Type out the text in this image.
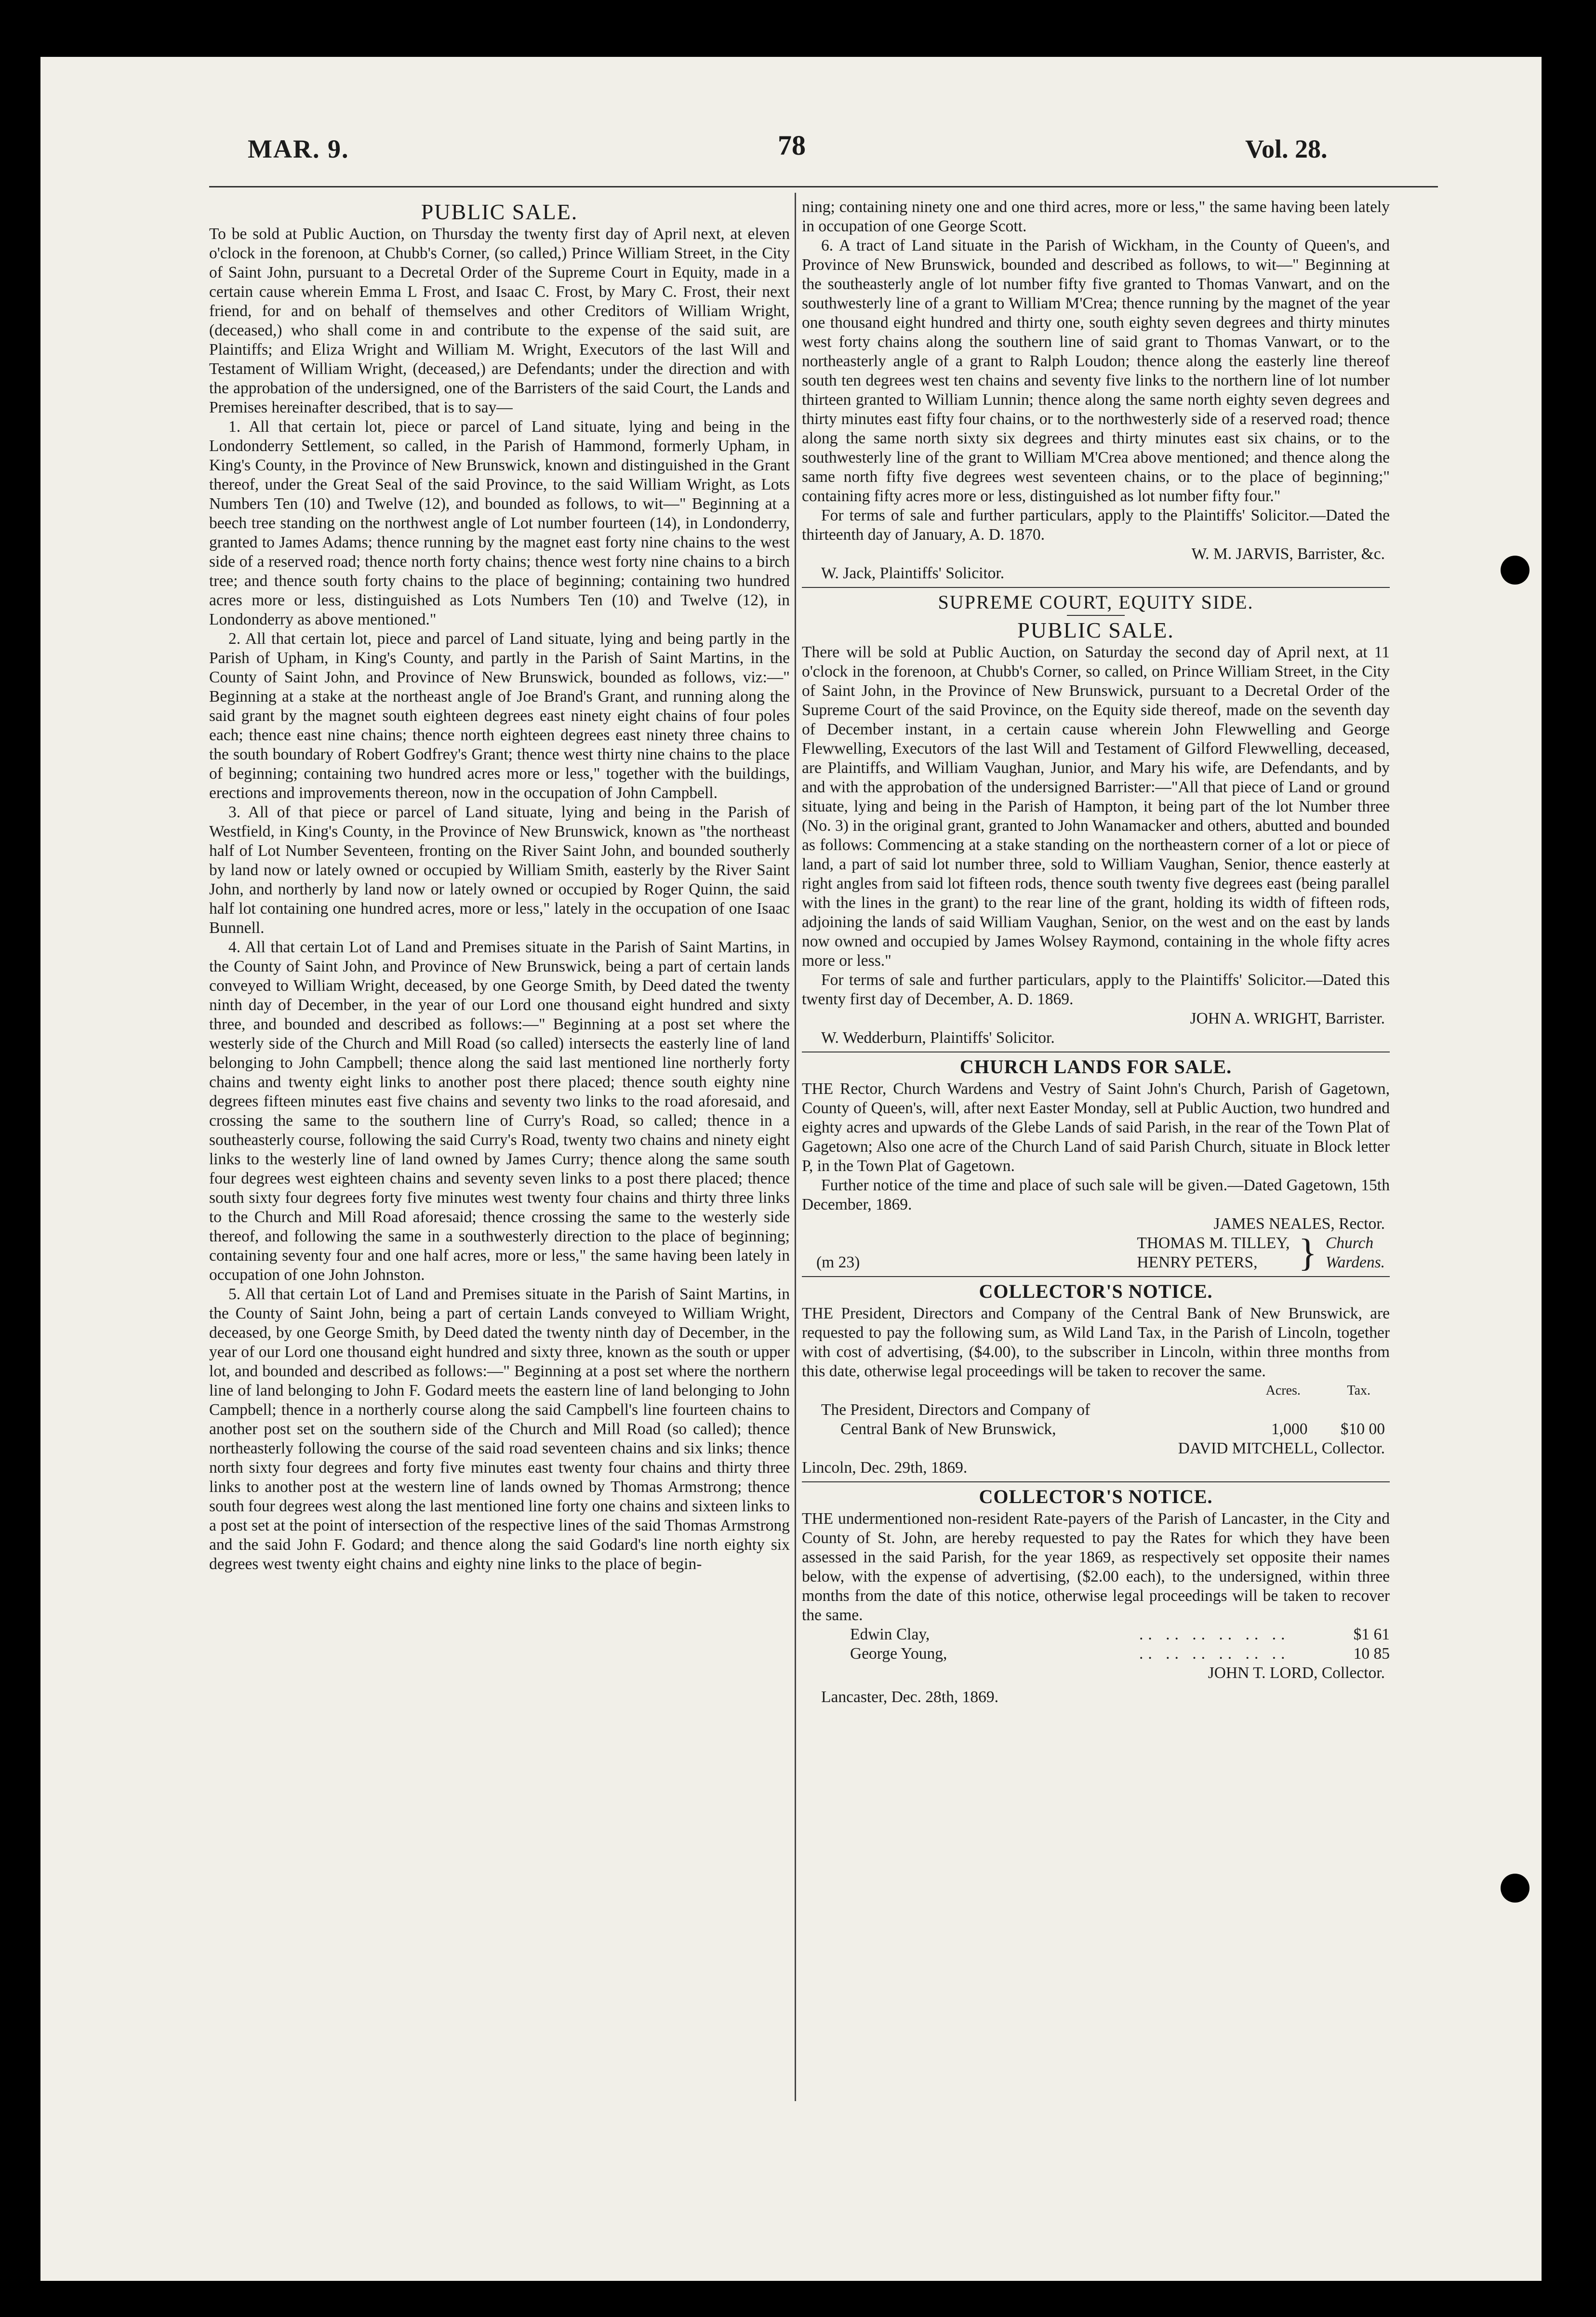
MAR. 9.	78	Vol. 28.
PUBLIC SALE.

To be sold at Public Auction, on Thursday the twenty first day of April next, at eleven o'clock in the forenoon, at Chubb's Corner, (so called,) Prince William Street, in the City of Saint John, pursuant to a Decretal Order of the Supreme Court in Equity, made in a certain cause wherein Emma L Frost, and Isaac C. Frost, by Mary C. Frost, their next friend, for and on behalf of themselves and other Creditors of William Wright, (deceased,) who shall come in and contribute to the expense of the said suit, are Plaintiffs; and Eliza Wright and William M. Wright, Executors of the last Will and Testament of William Wright, (deceased,) are Defendants; under the direction and with the approbation of the undersigned, one of the Barristers of the said Court, the Lands and Premises hereinafter described, that is to say—

1. All that certain lot, piece or parcel of Land situate, lying and being in the Londonderry Settlement, so called, in the Parish of Hammond, formerly Upham, in King's County, in the Province of New Brunswick, known and distinguished in the Grant thereof, under the Great Seal of the said Province, to the said William Wright, as Lots Numbers Ten (10) and Twelve (12), and bounded as follows, to wit—" Beginning at a beech tree standing on the northwest angle of Lot number fourteen (14), in Londonderry, granted to James Adams; thence running by the magnet east forty nine chains to the west side of a reserved road; thence north forty chains; thence west forty nine chains to a birch tree; and thence south forty chains to the place of beginning; containing two hundred acres more or less, distinguished as Lots Numbers Ten (10) and Twelve (12), in Londonderry as above mentioned."

2. All that certain lot, piece and parcel of Land situate, lying and being partly in the Parish of Upham, in King's County, and partly in the Parish of Saint Martins, in the County of Saint John, and Province of New Brunswick, bounded as follows, viz:—" Beginning at a stake at the northeast angle of Joe Brand's Grant, and running along the said grant by the magnet south eighteen degrees east ninety eight chains of four poles each; thence east nine chains; thence north eighteen degrees east ninety three chains to the south boundary of Robert Godfrey's Grant; thence west thirty nine chains to the place of beginning; containing two hundred acres more or less," together with the buildings, erections and improvements thereon, now in the occupation of John Campbell.

3. All of that piece or parcel of Land situate, lying and being in the Parish of Westfield, in King's County, in the Province of New Brunswick, known as "the northeast half of Lot Number Seventeen, fronting on the River Saint John, and bounded southerly by land now or lately owned or occupied by William Smith, easterly by the River Saint John, and northerly by land now or lately owned or occupied by Roger Quinn, the said half lot containing one hundred acres, more or less," lately in the occupation of one Isaac Bunnell.

4. All that certain Lot of Land and Premises situate in the Parish of Saint Martins, in the County of Saint John, and Province of New Brunswick, being a part of certain lands conveyed to William Wright, deceased, by one George Smith, by Deed dated the twenty ninth day of December, in the year of our Lord one thousand eight hundred and sixty three, and bounded and described as follows:—" Beginning at a post set where the westerly side of the Church and Mill Road (so called) intersects the easterly line of land belonging to John Campbell; thence along the said last mentioned line northerly forty chains and twenty eight links to another post there placed; thence south eighty nine degrees fifteen minutes east five chains and seventy two links to the road aforesaid, and crossing the same to the southern line of Curry's Road, so called; thence in a southeasterly course, following the said Curry's Road, twenty two chains and ninety eight links to the westerly line of land owned by James Curry; thence along the same south four degrees west eighteen chains and seventy seven links to a post there placed; thence south sixty four degrees forty five minutes west twenty four chains and thirty three links to the Church and Mill Road aforesaid; thence crossing the same to the westerly side thereof, and following the same in a southwesterly direction to the place of beginning; containing seventy four and one half acres, more or less," the same having been lately in occupation of one John Johnston.

5. All that certain Lot of Land and Premises situate in the Parish of Saint Martins, in the County of Saint John, being a part of certain Lands conveyed to William Wright, deceased, by one George Smith, by Deed dated the twenty ninth day of December, in the year of our Lord one thousand eight hundred and sixty three, known as the south or upper lot, and bounded and described as follows:—" Beginning at a post set where the northern line of land belonging to John F. Godard meets the eastern line of land belonging to John Campbell; thence in a northerly course along the said Campbell's line fourteen chains to another post set on the southern side of the Church and Mill Road (so called); thence northeasterly following the course of the said road seventeen chains and six links; thence north sixty four degrees and forty five minutes east twenty four chains and thirty three links to another post at the western line of lands owned by Thomas Armstrong; thence south four degrees west along the last mentioned line forty one chains and sixteen links to a post set at the point of intersection of the respective lines of the said Thomas Armstrong and the said John F. Godard; and thence along the said Godard's line north eighty six degrees west twenty eight chains and eighty nine links to the place of begin-

ning; containing ninety one and one third acres, more or less," the same having been lately in occupation of one George Scott.

6. A tract of Land situate in the Parish of Wickham, in the County of Queen's, and Province of New Brunswick, bounded and described as follows, to wit—" Beginning at the southeasterly angle of lot number fifty five granted to Thomas Vanwart, and on the southwesterly line of a grant to William M'Crea; thence running by the magnet of the year one thousand eight hundred and thirty one, south eighty seven degrees and thirty minutes west forty chains along the southern line of said grant to Thomas Vanwart, or to the northeasterly angle of a grant to Ralph Loudon; thence along the easterly line thereof south ten degrees west ten chains and seventy five links to the northern line of lot number thirteen granted to William Lunnin; thence along the same north eighty seven degrees and thirty minutes east fifty four chains, or to the northwesterly side of a reserved road; thence along the same north sixty six degrees and thirty minutes east six chains, or to the southwesterly line of the grant to William M'Crea above mentioned; and thence along the same north fifty five degrees west seventeen chains, or to the place of beginning;" containing fifty acres more or less, distinguished as lot number fifty four."

For terms of sale and further particulars, apply to the Plaintiffs' Solicitor.—Dated the thirteenth day of January, A. D. 1870.

W. M. JARVIS, Barrister, &c.
W. Jack, Plaintiffs' Solicitor.
SUPREME COURT, EQUITY SIDE.
PUBLIC SALE.

There will be sold at Public Auction, on Saturday the second day of April next, at 11 o'clock in the forenoon, at Chubb's Corner, so called, on Prince William Street, in the City of Saint John, in the Province of New Brunswick, pursuant to a Decretal Order of the Supreme Court of the said Province, on the Equity side thereof, made on the seventh day of December instant, in a certain cause wherein John Flewwelling and George Flewwelling, Executors of the last Will and Testament of Gilford Flewwelling, deceased, are Plaintiffs, and William Vaughan, Junior, and Mary his wife, are Defendants, and by and with the approbation of the undersigned Barrister:—"All that piece of Land or ground situate, lying and being in the Parish of Hampton, it being part of the lot Number three (No. 3) in the original grant, granted to John Wanamacker and others, abutted and bounded as follows: Commencing at a stake standing on the northeastern corner of a lot or piece of land, a part of said lot number three, sold to William Vaughan, Senior, thence easterly at right angles from said lot fifteen rods, thence south twenty five degrees east (being parallel with the lines in the grant) to the rear line of the grant, holding its width of fifteen rods, adjoining the lands of said William Vaughan, Senior, on the west and on the east by lands now owned and occupied by James Wolsey Raymond, containing in the whole fifty acres more or less."

For terms of sale and further particulars, apply to the Plaintiffs' Solicitor.—Dated this twenty first day of December, A. D. 1869.

JOHN A. WRIGHT, Barrister.
W. Wedderburn, Plaintiffs' Solicitor.
CHURCH LANDS FOR SALE.

THE Rector, Church Wardens and Vestry of Saint John's Church, Parish of Gagetown, County of Queen's, will, after next Easter Monday, sell at Public Auction, two hundred and eighty acres and upwards of the Glebe Lands of said Parish, in the rear of the Town Plat of Gagetown; Also one acre of the Church Land of said Parish Church, situate in Block letter P, in the Town Plat of Gagetown.

Further notice of the time and place of such sale will be given.—Dated Gagetown, 15th December, 1869.

JAMES NEALES, Rector.
(m 23)
THOMAS M. TILLEY,
HENRY PETERS,	} Church
Wardens.
COLLECTOR'S NOTICE.

THE President, Directors and Company of the Central Bank of New Brunswick, are requested to pay the following sum, as Wild Land Tax, in the Parish of Lincoln, together with cost of advertising, ($4.00), to the subscriber in Lincoln, within three months from this date, otherwise legal proceedings will be taken to recover the same.

Acres.	Tax.
The President, Directors and Company of
Central Bank of New Brunswick,	1,000 $10 00
DAVID MITCHELL, Collector.
Lincoln, Dec. 29th, 1869.
COLLECTOR'S NOTICE.

THE undermentioned non-resident Rate-payers of the Parish of Lancaster, in the City and County of St. John, are hereby requested to pay the Rates for which they have been assessed in the said Parish, for the year 1869, as respectively set opposite their names below, with the expense of advertising, ($2.00 each), to the undersigned, within three months from the date of this notice, otherwise legal proceedings will be taken to recover the same.

Edwin Clay,	.. .. .. .. .. ..	$1 61
George Young,	.. .. .. .. .. ..	10 85
JOHN T. LORD, Collector.
Lancaster, Dec. 28th, 1869.
